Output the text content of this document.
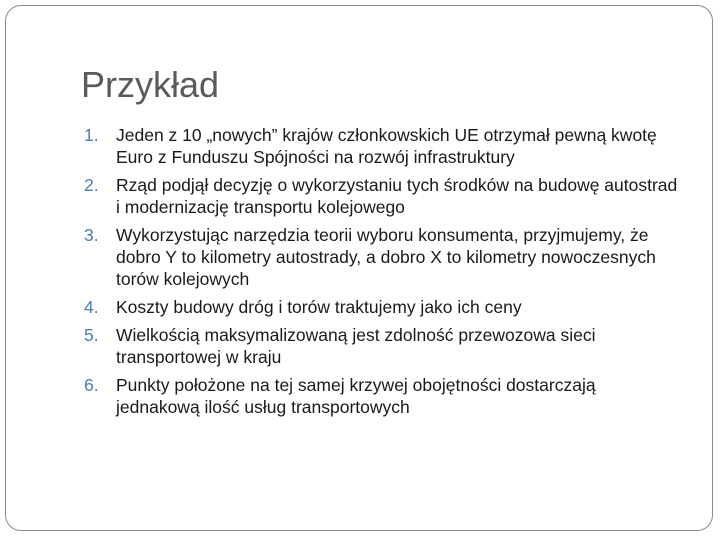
Przykład
1. Jeden z 10 „nowych” krajów członkowskich UE otrzymał pewną kwotę Euro z Funduszu Spójności na rozwój infrastruktury
2. Rząd podjął decyzję o wykorzystaniu tych środków na budowę autostrad i modernizację transportu kolejowego
3. Wykorzystując narzędzia teorii wyboru konsumenta, przyjmujemy, że dobro Y to kilometry autostrady, a dobro X to kilometry nowoczesnych torów kolejowych
4. Koszty budowy dróg i torów traktujemy jako ich ceny
5. Wielkością maksymalizowaną jest zdolność przewozowa sieci transportowej w kraju
6. Punkty położone na tej samej krzywej obojętności dostarczają jednakową ilość usług transportowych
